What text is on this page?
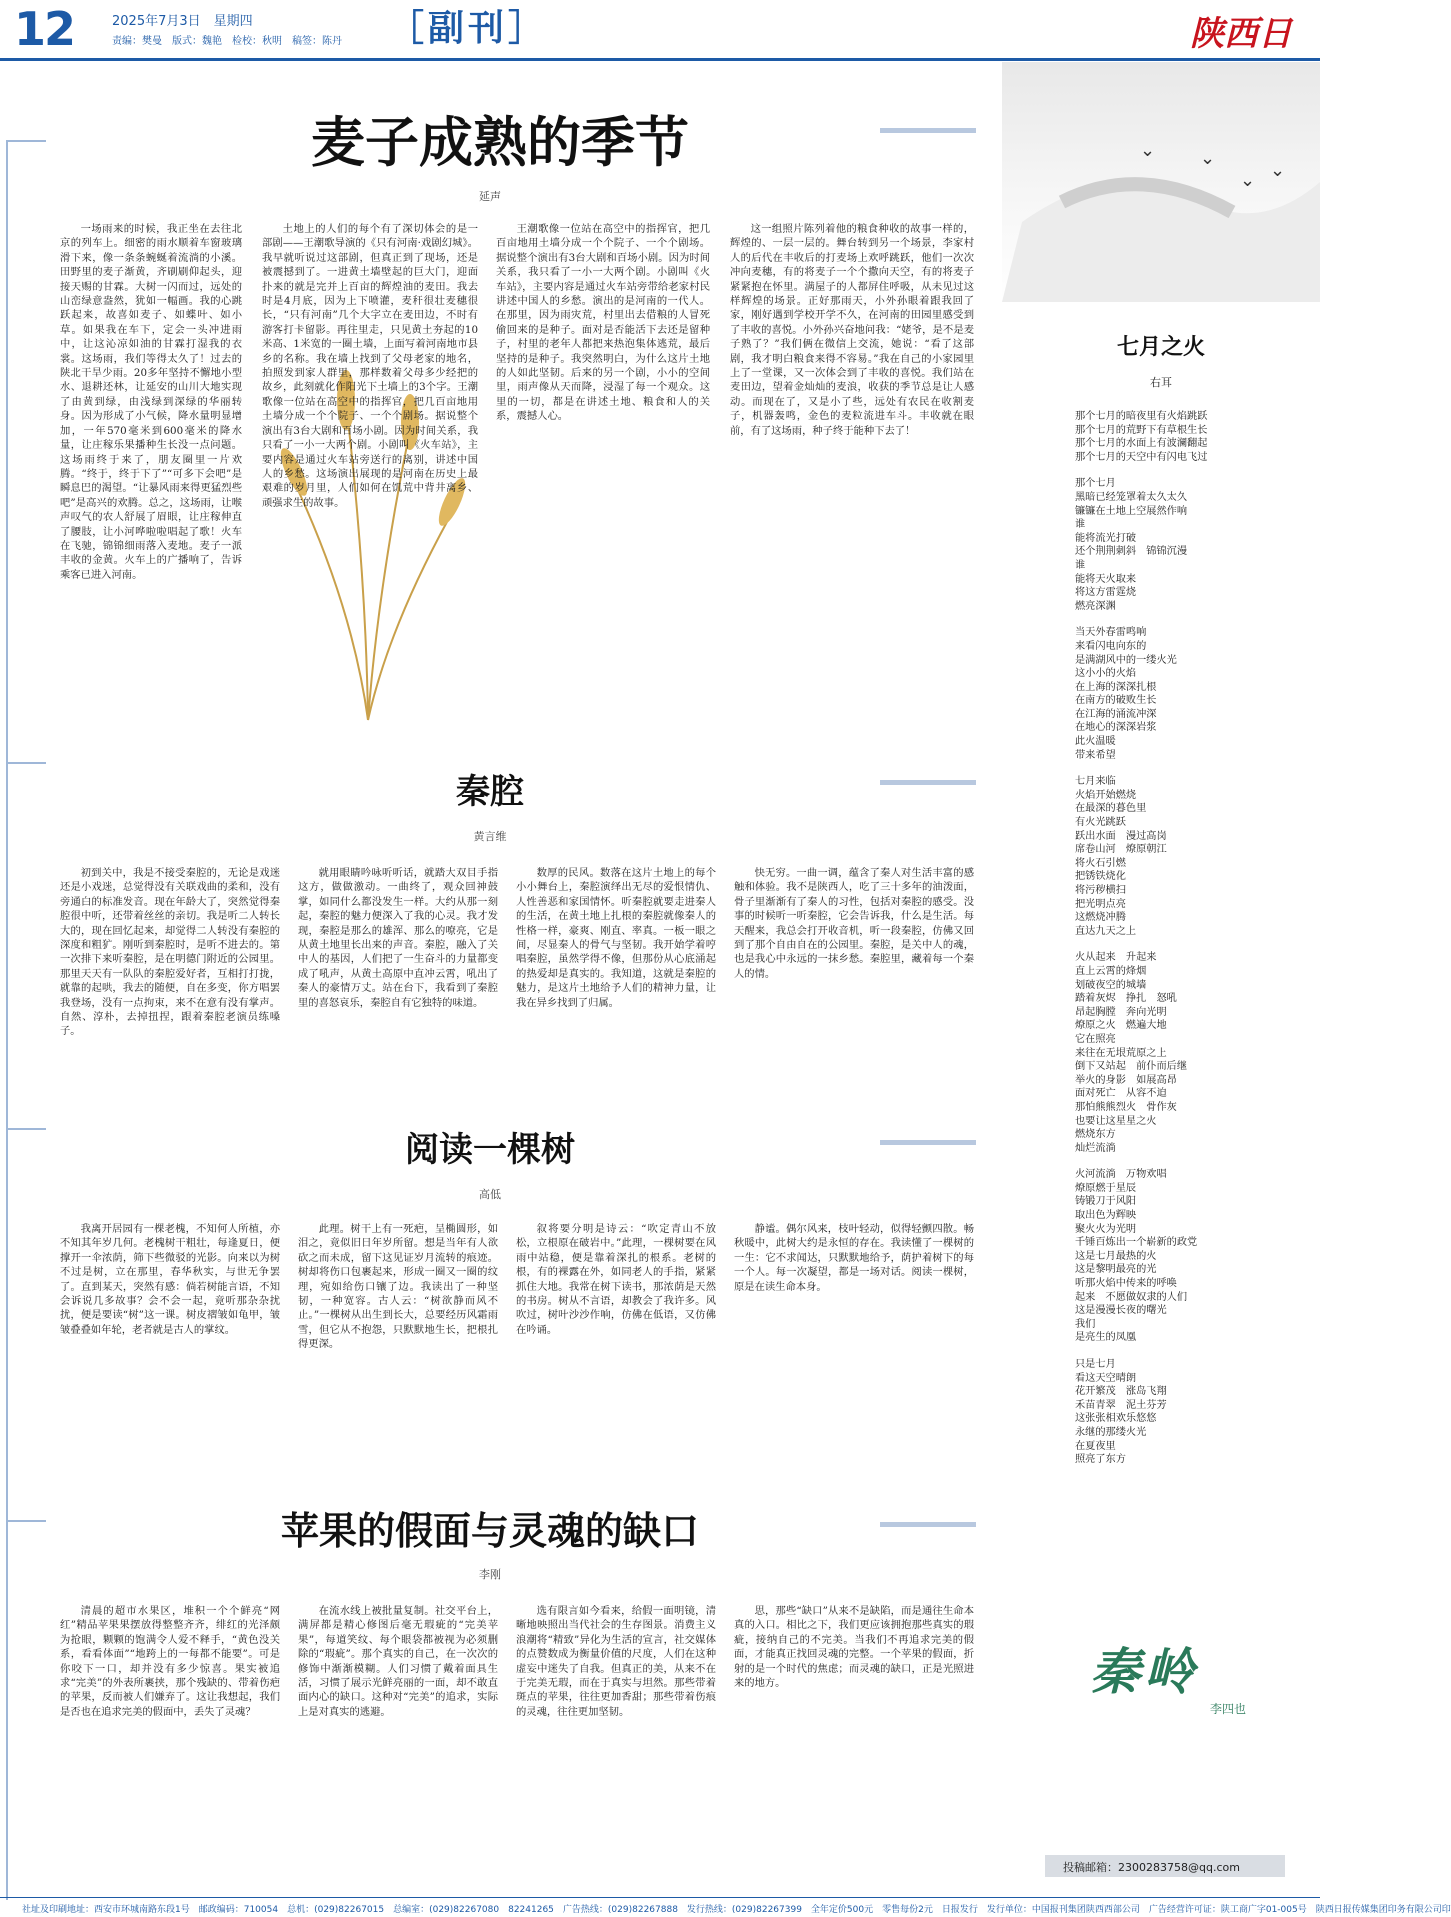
12	2025年7月3日　星期四
责编：樊曼　版式：魏艳　检校：秋明　稿签：陈丹 ［副刊］	陕西日
麦子成熟的季节
延声
一场雨来的时候，我正坐在去往北京的列车上。细密的雨水顺着车窗玻璃滑下来，像一条条蜿蜒着流淌的小溪。田野里的麦子渐黄，齐刷刷仰起头，迎接天赐的甘霖。大树一闪而过，远处的山峦绿意盎然，犹如一幅画。我的心跳跃起来，故喜如麦子、如蝶叶、如小草。如果我在车下，定会一头冲进雨中，让这沁凉如油的甘霖打湿我的衣裳。这场雨，我们等得太久了！过去的陕北干旱少雨。20多年坚持不懈地小型水、退耕还林，让延安的山川大地实现了由黄到绿，由浅绿到深绿的华丽转身。因为形成了小气候，降水量明显增加，一年570毫米到600毫米的降水量，让庄稼乐果播种生长没一点问题。这场雨终于来了，朋友圈里一片欢腾。“终于，终于下了”“可多下会吧”是瞬息巴的渴望。“让暴风雨来得更猛烈些吧”是高兴的欢腾。总之，这场雨，让喉声叹气的农人舒展了眉眼，让庄稼伸直了腰肢，让小河哗啦啦唱起了歌！火车在飞驰，锦锦细雨落入麦地。麦子一派丰收的金黄。火车上的广播响了，告诉乘客已进入河南。
土地上的人们的每个有了深切体会的是一部剧——王潮歌导演的《只有河南·戏剧幻城》。我早就听说过这部剧，但真正到了现场，还是被震撼到了。一进黄土墙壁起的巨大门，迎面扑来的就是完并上百亩的辉煌油的麦田。我去时是4月底，因为上下喷灌，麦秆很壮麦穗很长，“只有河南”几个大字立在麦田边，不时有游客打卡留影。再往里走，只见黄土夯起的10米高、1米宽的一圈土墙，上面写着河南地市县乡的名称。我在墙上找到了父母老家的地名，拍照发到家人群里，那样数着父母多少经把的故乡，此刻就化作阳光下土墙上的3个字。王潮歌像一位站在高空中的指挥官，把几百亩地用土墙分成一个个院子、一个个剧场。据说整个演出有3台大剧和百场小剧。因为时间关系，我只看了一小一大两个剧。小剧叫《火车站》，主要内容是通过火车站旁送行的离别，讲述中国人的乡愁。这场演出展现的是河南在历史上最艰难的岁月里，人们如何在饥荒中背井离乡、顽强求生的故事。
王潮歌像一位站在高空中的指挥官，把几百亩地用土墙分成一个个院子、一个个剧场。据说整个演出有3台大剧和百场小剧。因为时间关系，我只看了一小一大两个剧。小剧叫《火车站》，主要内容是通过火车站旁带给老家村民讲述中国人的乡愁。演出的是河南的一代人。在那里，因为雨灾荒，村里出去借粮的人冒死偷回来的是种子。面对是否能活下去还是留种子，村里的老年人都把来热泡集体逃荒，最后坚持的是种子。我突然明白，为什么这片土地的人如此坚韧。后来的另一个剧，小小的空间里，雨声像从天而降，浸湿了每一个观众。这里的一切，都是在讲述土地、粮食和人的关系，震撼人心。
这一组照片陈列着他的粮食种收的故事一样的，辉煌的、一层一层的。舞台转到另一个场景，李家村人的后代在丰收后的打麦场上欢呼跳跃，他们一次次冲向麦穗，有的将麦子一个个撒向天空，有的将麦子紧紧抱在怀里。满屋子的人都屏住呼吸，从未见过这样辉煌的场景。正好那雨天，小外孙眼着跟我回了家，刚好遇到学校开学不久，在河南的田园里感受到了丰收的喜悦。小外孙兴奋地问我：“姥爷，是不是麦子熟了？”我们俩在微信上交流，她说：“看了这部剧，我才明白粮食来得不容易。”我在自己的小家园里上了一堂课，又一次体会到了丰收的喜悦。我们站在麦田边，望着金灿灿的麦浪，收获的季节总是让人感动。而现在了，又是小了些，远处有农民在收割麦子，机器轰鸣，金色的麦粒流进车斗。丰收就在眼前，有了这场雨，种子终于能种下去了！
秦腔
黄言维
初到关中，我是不接受秦腔的，无论是戏迷还是小戏迷，总觉得没有关联戏曲的柔和，没有旁通白的标准发音。现在年龄大了，突然觉得秦腔很中听，还带着丝丝的亲切。我是听二人转长大的，现在回忆起来，却觉得二人转没有秦腔的深度和粗犷。刚听到秦腔时，是听不进去的。第一次排下来听秦腔，是在明德门附近的公园里。那里天天有一队队的秦腔爱好者，互相打打拢，就靠的起哄，我去的随便，自在多变，你方唱罢我登场，没有一点拘束，来不在意有没有掌声。自然、淳朴，去掉扭捏，跟着秦腔老演员练嗓子。
就用眼睛吟咏听听话，就踏大双目手指这方，做做激动。一曲终了，观众回神鼓掌，如同什么都没发生一样。大约从那一刻起，秦腔的魅力便深入了我的心灵。我才发现，秦腔是那么的雄浑、那么的嘹亮，它是从黄土地里长出来的声音。秦腔，融入了关中人的基因，人们把了一生奋斗的力量都变成了吼声，从黄土高原中直冲云霄，吼出了秦人的豪情万丈。站在台下，我看到了秦腔里的喜怒哀乐，秦腔自有它独特的味道。
数厚的民风。数落在这片土地上的每个小小舞台上，秦腔演绎出无尽的爱恨情仇、人性善恶和家国情怀。听秦腔就要走进秦人的生活，在黄土地上扎根的秦腔就像秦人的性格一样，豪爽、刚直、率真。一板一眼之间，尽显秦人的骨气与坚韧。我开始学着哼唱秦腔，虽然学得不像，但那份从心底涌起的热爱却是真实的。我知道，这就是秦腔的魅力，是这片土地给予人们的精神力量，让我在异乡找到了归属。
快无穷。一曲一调，蕴含了秦人对生活丰富的感触和体验。我不是陕西人，吃了三十多年的油泼面，骨子里渐渐有了秦人的习性，包括对秦腔的感受。没事的时候听一听秦腔，它会告诉我，什么是生活。每天醒来，我总会打开收音机，听一段秦腔，仿佛又回到了那个自由自在的公园里。秦腔，是关中人的魂，也是我心中永远的一抹乡愁。秦腔里，藏着每一个秦人的情。
阅读一棵树
高低
我离开居园有一棵老槐，不知何人所植，亦不知其年岁几何。老槐树干粗壮，每逢夏日，便撑开一伞浓荫，筛下些微驳的光影。向来以为树不过是树，立在那里，春华秋实，与世无争罢了。直到某天，突然有感：倘若树能言语，不知会诉说几多故事？会不会一起，竟听那杂杂扰扰，便是要读“树”这一课。树皮褶皱如龟甲，皱皱叠叠如年轮，老者就是古人的掌纹。
此理。树干上有一死疤，呈椭圆形，如泪之，竟似旧日年岁所留。想是当年有人欲砍之而未成，留下这见证岁月流转的痕迹。树却将伤口包裹起来，形成一圈又一圈的纹理，宛如给伤口镶了边。我读出了一种坚韧，一种宽容。古人云：“树欲静而风不止。”一棵树从出生到长大，总要经历风霜雨雪，但它从不抱怨，只默默地生长，把根扎得更深。
叙将要分明是诗云：“吹定青山不放松，立根原在破岩中。”此理，一棵树要在风雨中站稳，便是靠着深扎的根系。老树的根，有的裸露在外，如同老人的手指，紧紧抓住大地。我常在树下读书，那浓荫是天然的书房。树从不言语，却教会了我许多。风吹过，树叶沙沙作响，仿佛在低语，又仿佛在吟诵。
静谧。偶尔风来，枝叶轻动，似得轻颤四散。畅秋暖中，此树大约是永恒的存在。我读懂了一棵树的一生：它不求闻达，只默默地给予，荫护着树下的每一个人。每一次凝望，都是一场对话。阅读一棵树，原是在读生命本身。
苹果的假面与灵魂的缺口
李刚
清晨的超市水果区，堆积一个个鲜亮“网红”精品苹果果摆放得整整齐齐，绯红的光泽颇为抢眼，颗颗的饱满令人爱不释手，“黄色没关系，看看体面”“地跨上的一每都不能要”。可是你咬下一口，却并没有多少惊喜。果实被追求“完美”的外表所裹挟，那个残缺的、带着伤疤的苹果，反而被人们嫌弃了。这让我想起，我们是否也在追求完美的假面中，丢失了灵魂？
在流水线上被批量复制。社交平台上，满屏都是精心修图后毫无瑕疵的“完美苹果”，每道笑纹、每个眼袋都被视为必须删除的“瑕疵”。那个真实的自己，在一次次的修饰中渐渐模糊。人们习惯了戴着面具生活，习惯了展示光鲜亮丽的一面，却不敢直面内心的缺口。这种对“完美”的追求，实际上是对真实的逃避。
选有限言如今看来，给假一面明镜，清晰地映照出当代社会的生存图景。消费主义浪潮将“精致”异化为生活的宣言，社交媒体的点赞数成为衡量价值的尺度，人们在这种虚妄中迷失了自我。但真正的美，从来不在于完美无瑕，而在于真实与坦然。那些带着斑点的苹果，往往更加香甜；那些带着伤痕的灵魂，往往更加坚韧。
思，那些“缺口”从来不是缺陷，而是通往生命本真的入口。相比之下，我们更应该拥抱那些真实的瑕疵，接纳自己的不完美。当我们不再追求完美的假面，才能真正找回灵魂的完整。一个苹果的假面，折射的是一个时代的焦虑；而灵魂的缺口，正是光照进来的地方。
⌄ ⌄
⌄ ⌄
七月之火
右耳
那个七月的暗夜里有火焰跳跃
那个七月的荒野下有草根生长
那个七月的水面上有波澜翻起
那个七月的天空中有闪电飞过
那个七月
黑暗已经笼罩着太久太久
镰镰在土地上空展然作响
谁
能将流光打破
还个荆荆刺斜　锦锦沉漫
谁
能将天火取来
将这方雷霆烧
燃亮深渊
当天外春雷鸣响
来看闪电向东的
是满湖风中的一缕火光
这小小的火焰
在上海的深深扎根
在南方的破败生长
在江海的涌流冲深
在地心的深深岩浆
此火温暖
带来希望
七月来临
火焰开始燃烧
在最深的暮色里
有火光跳跃
跃出水面　漫过高岗
席卷山河　燎原朝江
将火石引燃
把锈铁烧化
将污秽横扫
把光明点亮
这燃烧冲腾
直达九天之上
火从起来　升起来
直上云霄的烽烟
划破夜空的城墙
踏着灰烬　挣扎　怒吼
昂起胸膛　奔向光明
燎原之火　燃遍大地
它在照亮
来往在无垠荒原之上
倒下又站起　前仆而后继
举火的身影　如展高昂
面对死亡　从容不迫
那怕熊熊烈火　骨作灰
也要让这星星之火
燃烧东方
灿烂流淌
火河流淌　万物欢唱
燎原燃于星辰
铸锻刀于风阳
取出色为辉映
聚火火为光明
千锤百炼出一个崭新的政党
这是七月最热的火
这是黎明最亮的光
听那火焰中传来的呼唤
起来　不愿做奴隶的人们
这是漫漫长夜的曙光
我们
是亮生的凤凰
只是七月
看这天空晴朗
花开繁茂　涨岛飞翔
禾苗青翠　泥土芬芳
这张张相欢乐悠悠
永继的那缕火光
在夏夜里
照亮了东方
秦岭
李四也
投稿邮箱：2300283758@qq.com
社址及印刷地址：西安市环城南路东段1号　邮政编码：710054　总机：(029)82267015　总编室：(029)82267080　82241265　广告热线：(029)82267888　发行热线：(029)82267399　全年定价500元　零售每份2元　日报发行　发行单位：中国报刊集团陕西西部公司　广告经营许可证：陕工商广字01-005号　陕西日报传媒集团印务有限公司印
